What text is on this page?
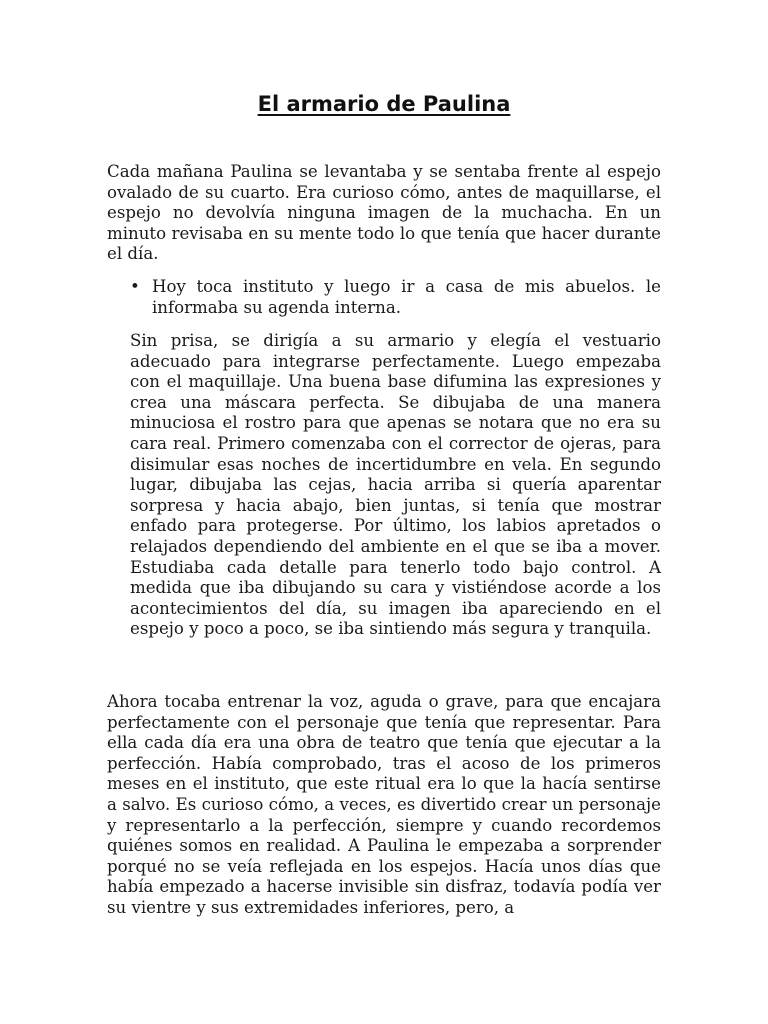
El armario de Paulina

Cada mañana Paulina se levantaba y se sentaba frente al espejo ovalado de su cuarto. Era curioso cómo, antes de maquillarse, el espejo no devolvía ninguna imagen de la muchacha. En un minuto revisaba en su mente todo lo que tenía que hacer durante el día.

• Hoy toca instituto y luego ir a casa de mis abuelos. le informaba su agenda interna.

Sin prisa, se dirigía a su armario y elegía el vestuario adecuado para integrarse perfectamente. Luego empezaba con el maquillaje. Una buena base difumina las expresiones y crea una máscara perfecta. Se dibujaba de una manera minuciosa el rostro para que apenas se notara que no era su cara real. Primero comenzaba con el corrector de ojeras, para disimular esas noches de incertidumbre en vela. En segundo lugar, dibujaba las cejas, hacia arriba si quería aparentar sorpresa y hacia abajo, bien juntas, si tenía que mostrar enfado para protegerse. Por último, los labios apretados o relajados dependiendo del ambiente en el que se iba a mover. Estudiaba cada detalle para tenerlo todo bajo control. A medida que iba dibujando su cara y vistiéndose acorde a los acontecimientos del día, su imagen iba apareciendo en el espejo y poco a poco, se iba sintiendo más segura y tranquila.

Ahora tocaba entrenar la voz, aguda o grave, para que encajara perfectamente con el personaje que tenía que representar. Para ella cada día era una obra de teatro que tenía que ejecutar a la perfección. Había comprobado, tras el acoso de los primeros meses en el instituto, que este ritual era lo que la hacía sentirse a salvo. Es curioso cómo, a veces, es divertido crear un personaje y representarlo a la perfección, siempre y cuando recordemos quiénes somos en realidad. A Paulina le empezaba a sorprender porqué no se veía reflejada en los espejos. Hacía unos días que había empezado a hacerse invisible sin disfraz, todavía podía ver su vientre y sus extremidades inferiores, pero, a
